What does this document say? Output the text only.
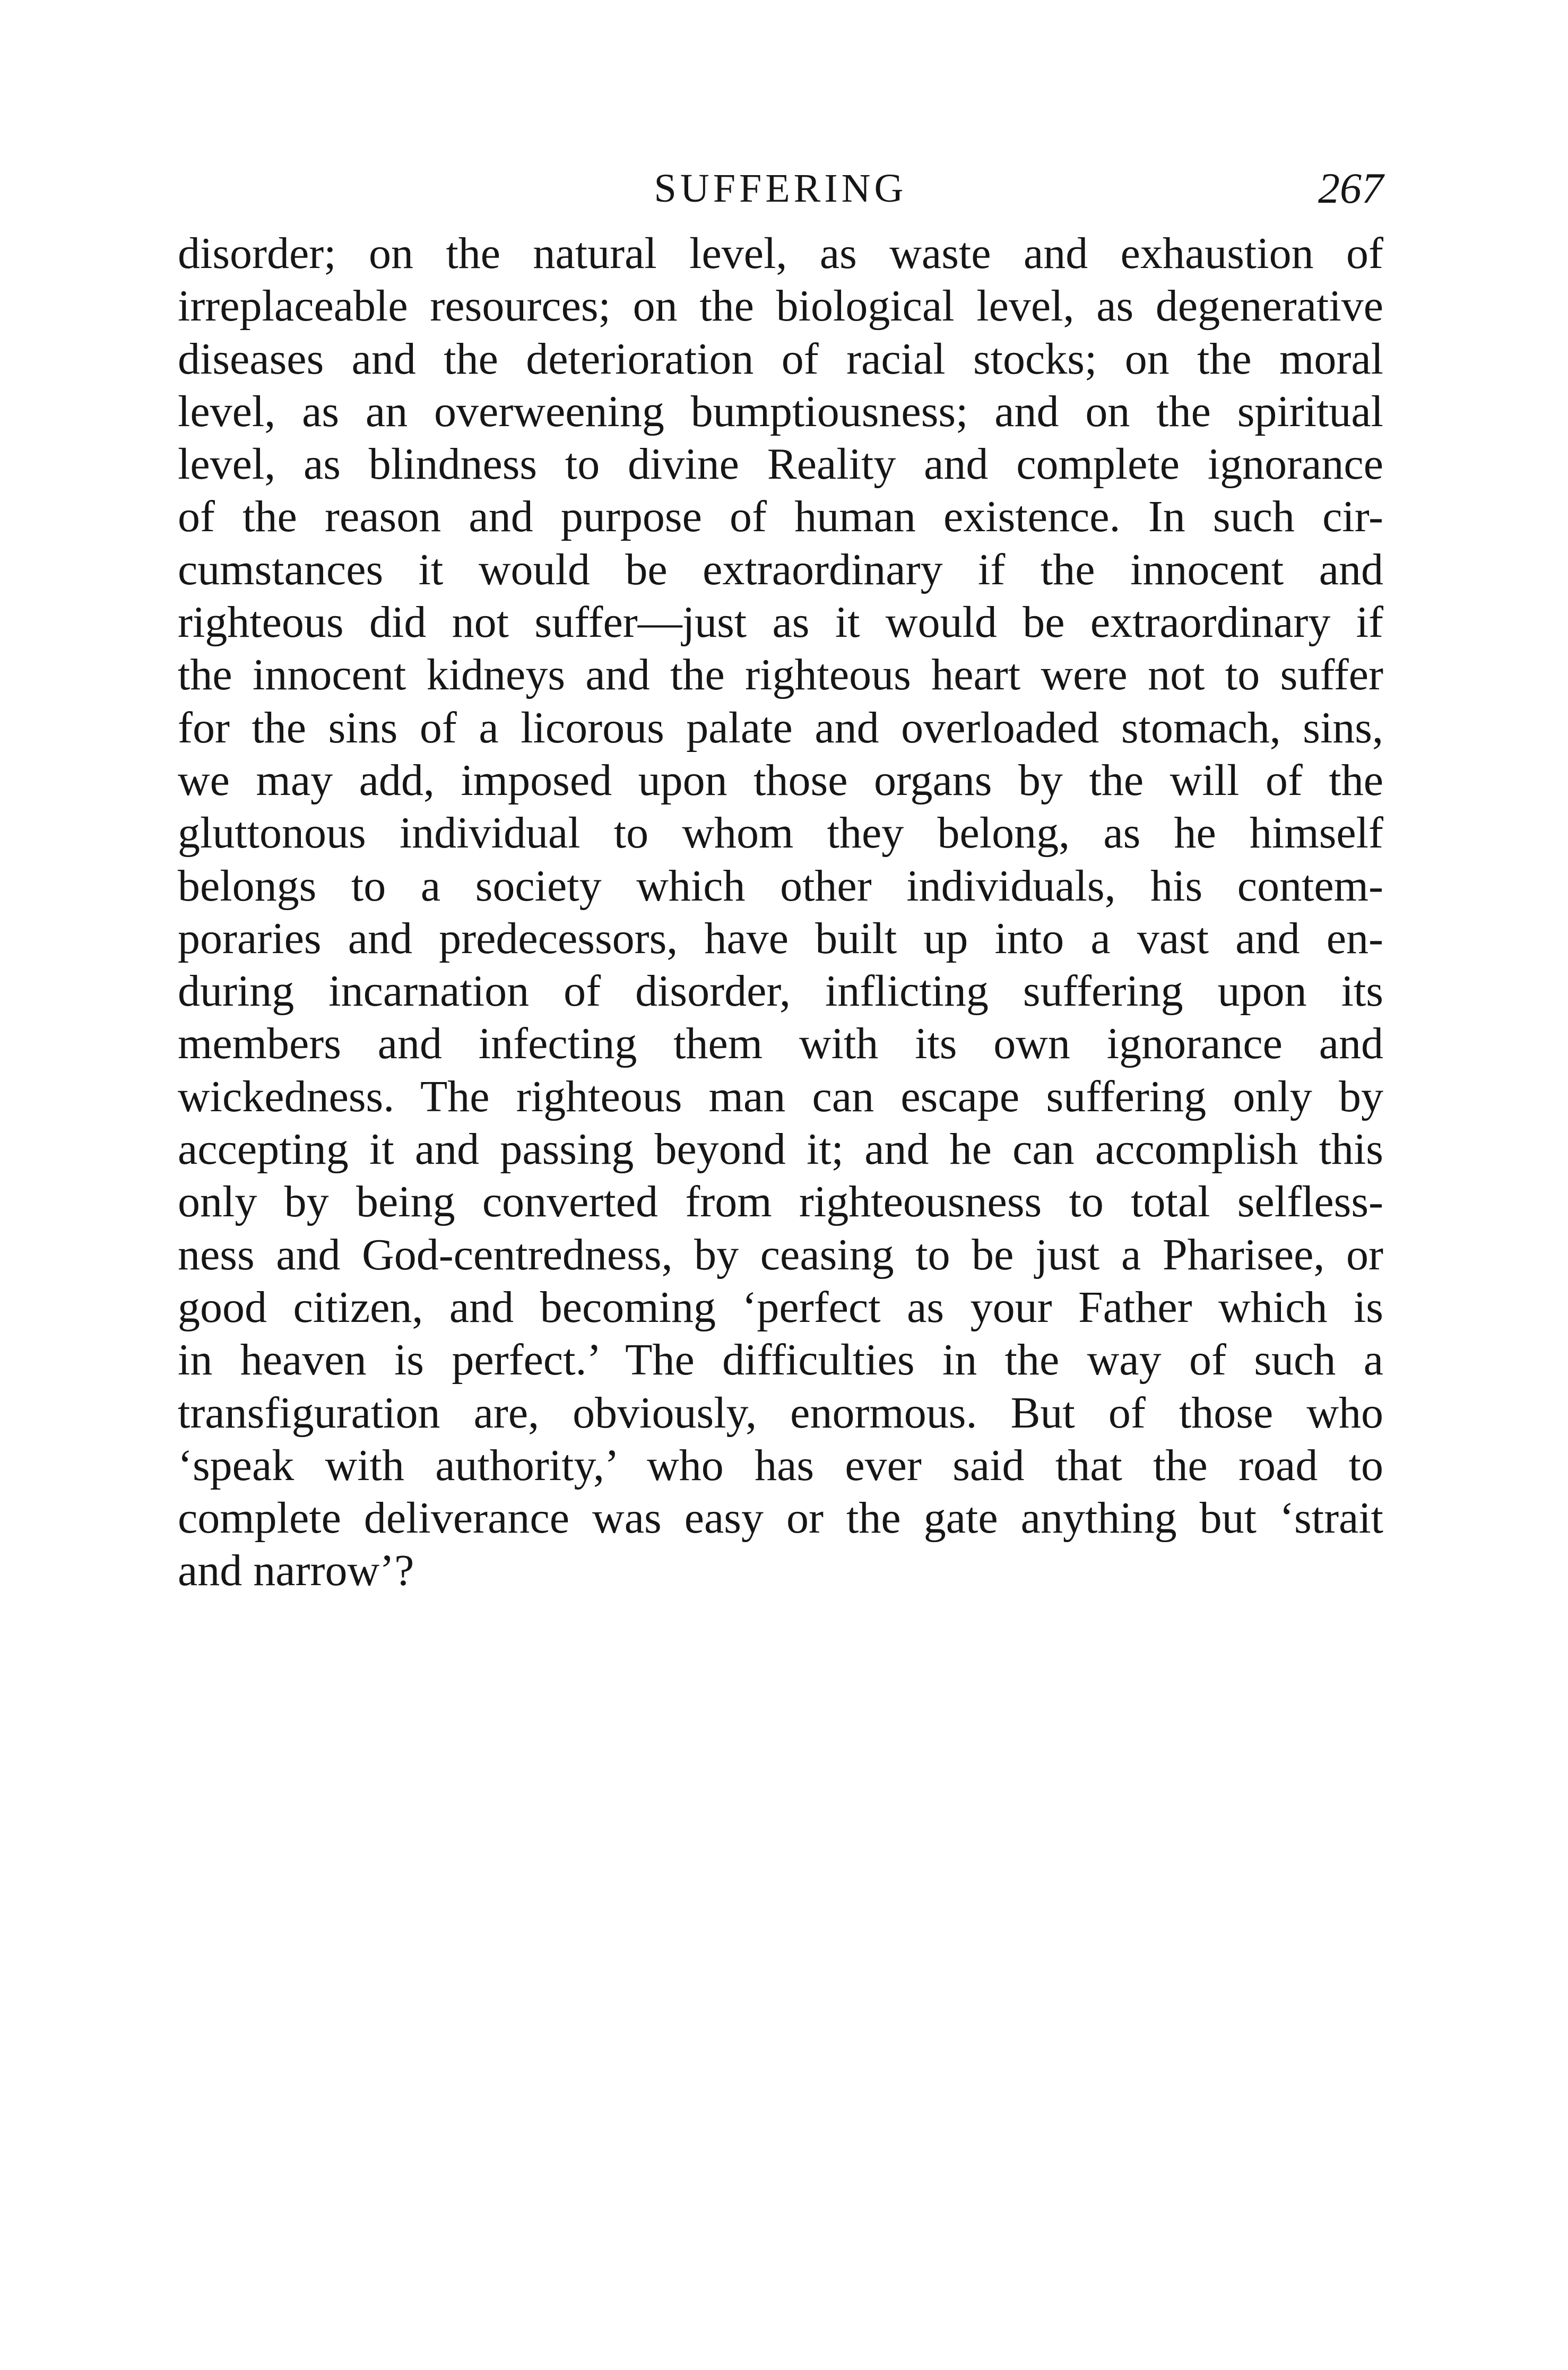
SUFFERING	267
disorder; on the natural level, as waste and exhaustion of
irreplaceable resources; on the biological level, as degenerative
diseases and the deterioration of racial stocks; on the moral
level, as an overweening bumptiousness; and on the spiritual
level, as blindness to divine Reality and complete ignorance
of the reason and purpose of human existence. In such cir-
cumstances it would be extraordinary if the innocent and
righteous did not suffer—just as it would be extraordinary if
the innocent kidneys and the righteous heart were not to suffer
for the sins of a licorous palate and overloaded stomach, sins,
we may add, imposed upon those organs by the will of the
gluttonous individual to whom they belong, as he himself
belongs to a society which other individuals, his contem-
poraries and predecessors, have built up into a vast and en-
during incarnation of disorder, inflicting suffering upon its
members and infecting them with its own ignorance and
wickedness. The righteous man can escape suffering only by
accepting it and passing beyond it; and he can accomplish this
only by being converted from righteousness to total selfless-
ness and God-centredness, by ceasing to be just a Pharisee, or
good citizen, and becoming ‘perfect as your Father which is
in heaven is perfect.’ The difficulties in the way of such a
transfiguration are, obviously, enormous. But of those who
‘speak with authority,’ who has ever said that the road to
complete deliverance was easy or the gate anything but ‘strait
and narrow’?
